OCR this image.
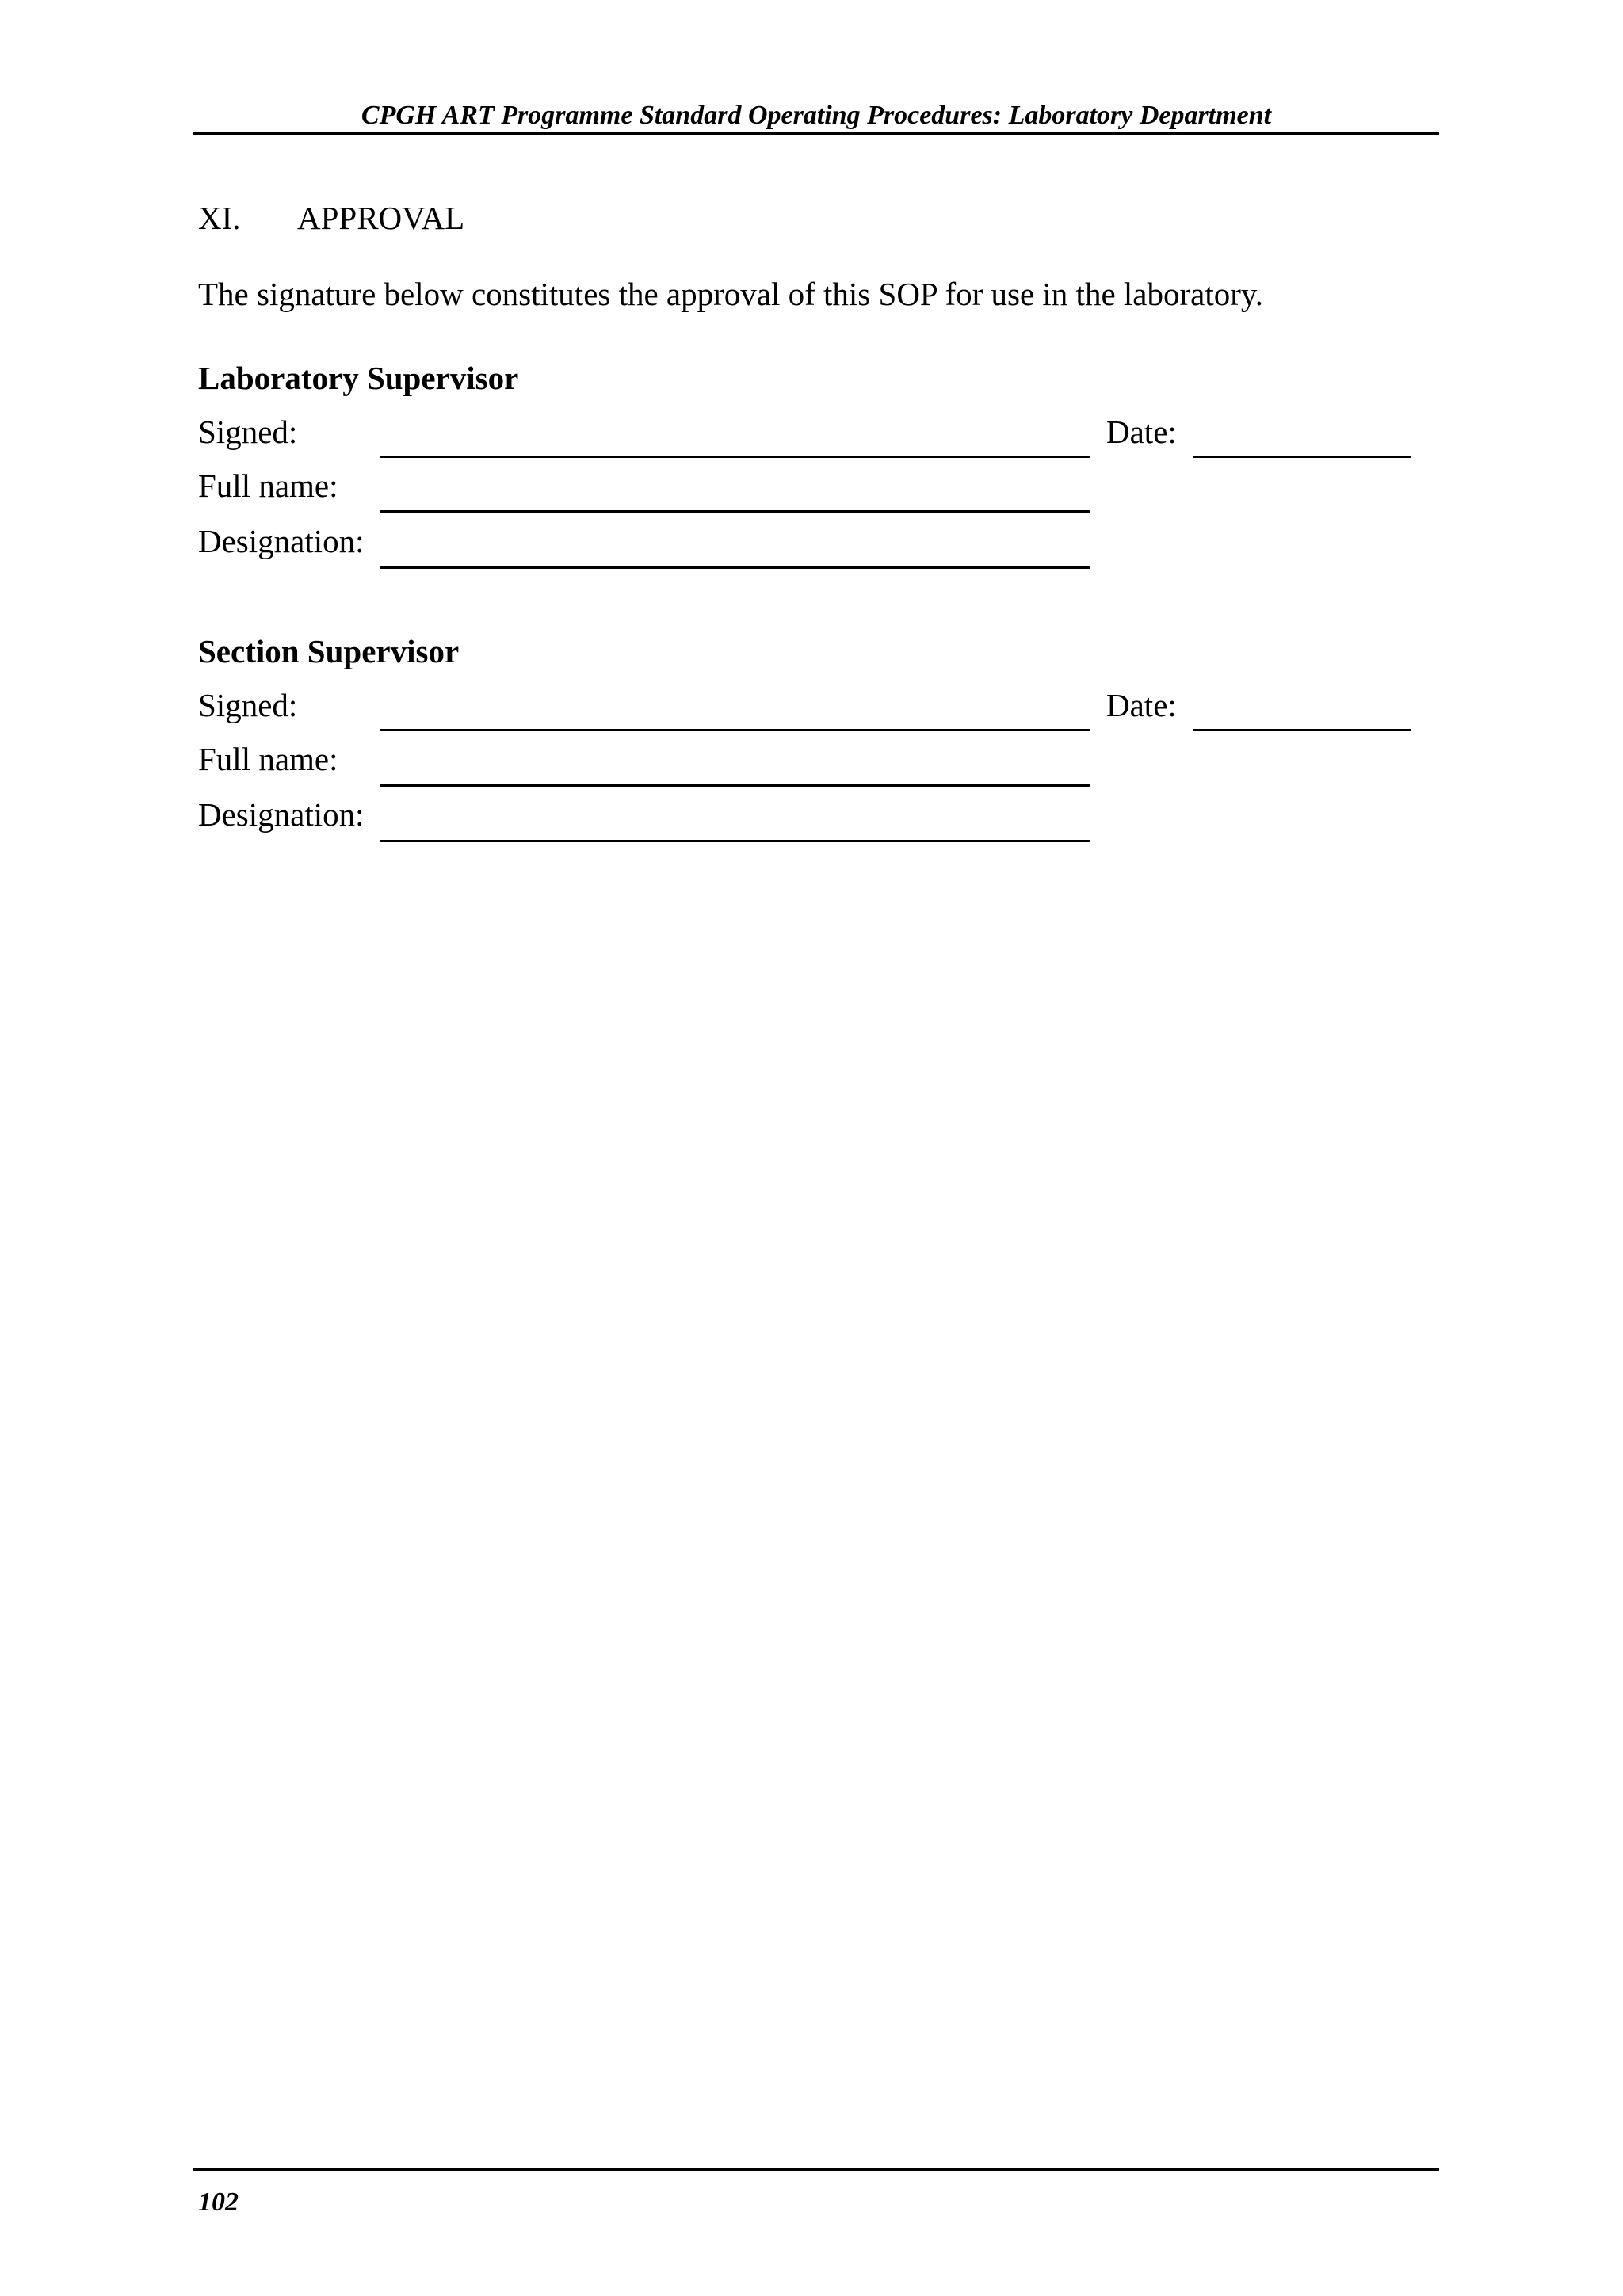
CPGH ART Programme Standard Operating Procedures: Laboratory Department
XI. APPROVAL
The signature below constitutes the approval of this SOP for use in the laboratory.
Laboratory Supervisor
Signed:	Date:
Full name:
Designation:
Section Supervisor
Signed:	Date:
Full name:
Designation:
102
